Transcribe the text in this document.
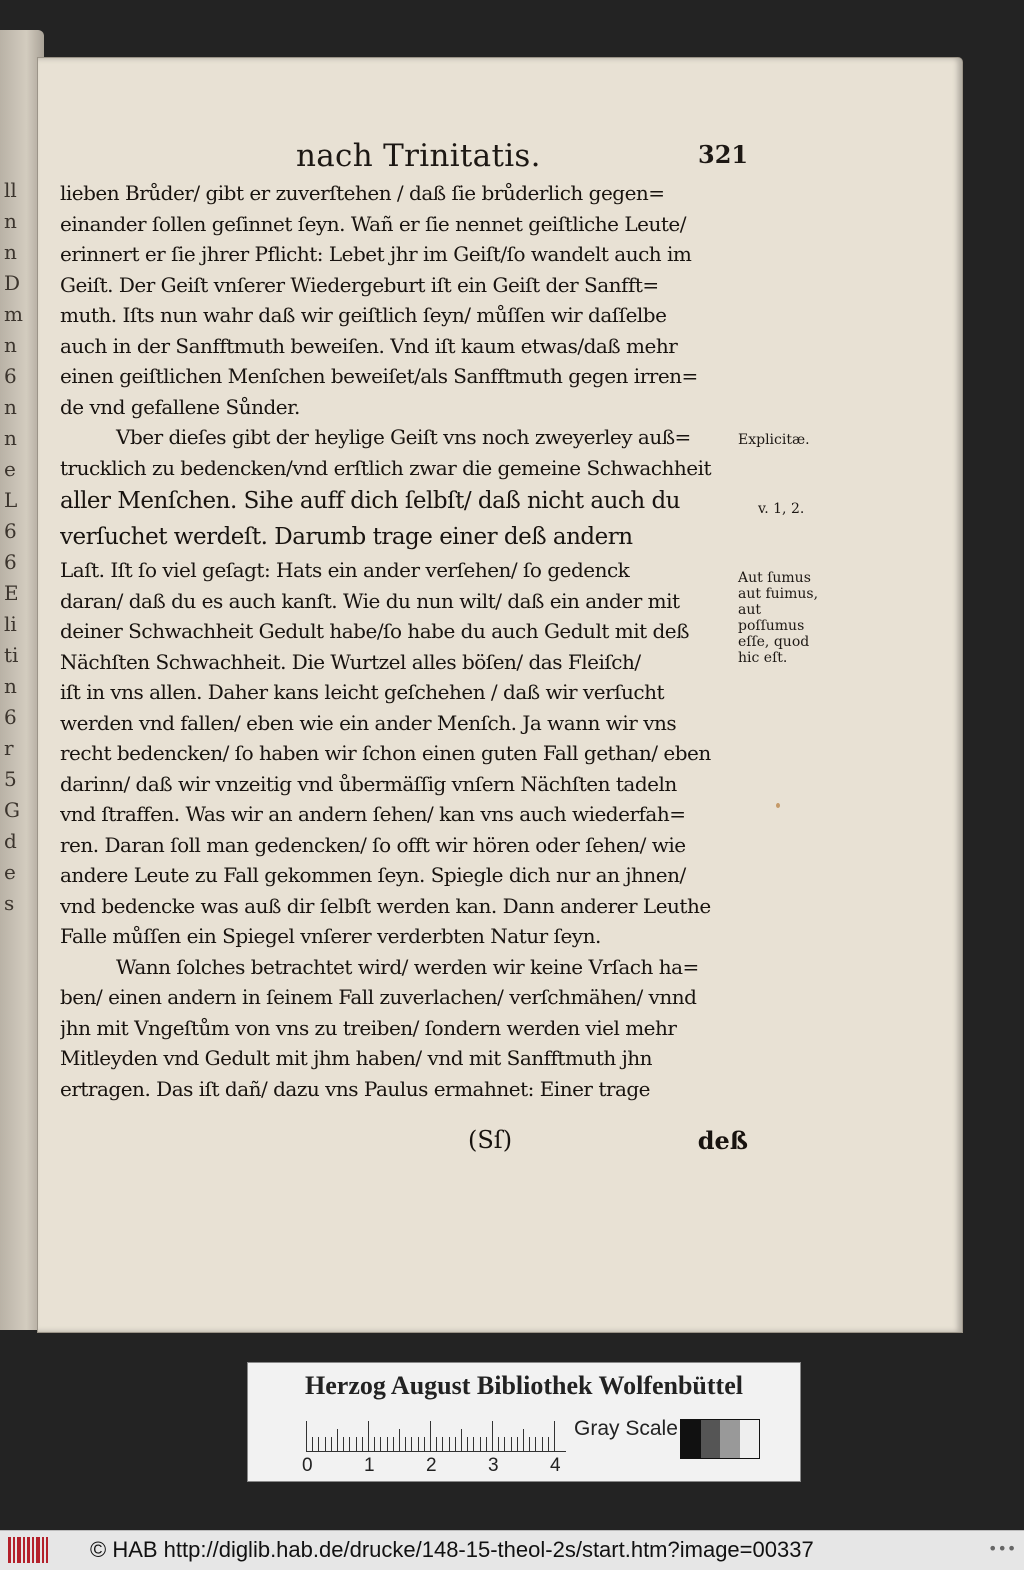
ll
n
n
D
m
n
6
n
n
e
L
6
6
E
li
ti
n
6
r
5
G
d
e
s
nach Trinitatis.	321
lieben Brůder/ gibt er zuverſtehen / daß ſie brůderlich gegen=
einander ſollen geſinnet ſeyn. Wañ er ſie nennet geiſtliche Leute/
erinnert er ſie jhrer Pflicht: Lebet jhr im Geiſt/ſo wandelt auch im
Geiſt. Der Geiſt vnſerer Wiedergeburt iſt ein Geiſt der Sanfft=
muth. Iſts nun wahr daß wir geiſtlich ſeyn/ můſſen wir daſſelbe
auch in der Sanfftmuth beweiſen. Vnd iſt kaum etwas/daß mehr
einen geiſtlichen Menſchen beweiſet/als Sanfftmuth gegen irren=
de vnd gefallene Sůnder.
Vber dieſes gibt der heylige Geiſt vns noch zweyerley auß=
trucklich zu bedencken/vnd erſtlich zwar die gemeine Schwachheit
aller Menſchen. Sihe auff dich ſelbſt/ daß nicht auch du
verſuchet werdeſt. Darumb trage einer deß andern
Laſt. Iſt ſo viel geſagt: Hats ein ander verſehen/ ſo gedenck
daran/ daß du es auch kanſt. Wie du nun wilt/ daß ein ander mit
deiner Schwachheit Gedult habe/ſo habe du auch Gedult mit deß
Nächſten Schwachheit. Die Wurtzel alles böſen/ das Fleiſch/
iſt in vns allen. Daher kans leicht geſchehen / daß wir verſucht
werden vnd fallen/ eben wie ein ander Menſch. Ja wann wir vns
recht bedencken/ ſo haben wir ſchon einen guten Fall gethan/ eben
darinn/ daß wir vnzeitig vnd ůbermäſſig vnſern Nächſten tadeln
vnd ſtraffen. Was wir an andern ſehen/ kan vns auch wiederfah=
ren. Daran ſoll man gedencken/ ſo offt wir hören oder ſehen/ wie
andere Leute zu Fall gekommen ſeyn. Spiegle dich nur an jhnen/
vnd bedencke was auß dir ſelbſt werden kan. Dann anderer Leuthe
Falle můſſen ein Spiegel vnſerer verderbten Natur ſeyn.
Wann ſolches betrachtet wird/ werden wir keine Vrſach ha=
ben/ einen andern in ſeinem Fall zuverlachen/ verſchmähen/ vnnd
jhn mit Vngeſtům von vns zu treiben/ ſondern werden viel mehr
Mitleyden vnd Gedult mit jhm haben/ vnd mit Sanfftmuth jhn
ertragen. Das iſt dañ/ dazu vns Paulus ermahnet: Einer trage
(Sſ)	deß
Explicitæ.
v. 1, 2.
Aut ſumus aut fuimus, aut poſſumus eſſe, quod hic eſt.
Herzog August Bibliothek Wolfenbüttel
0	1	2	3	4
Gray Scale
© HAB http://diglib.hab.de/drucke/148-15-theol-2s/start.htm?image=00337	•••
